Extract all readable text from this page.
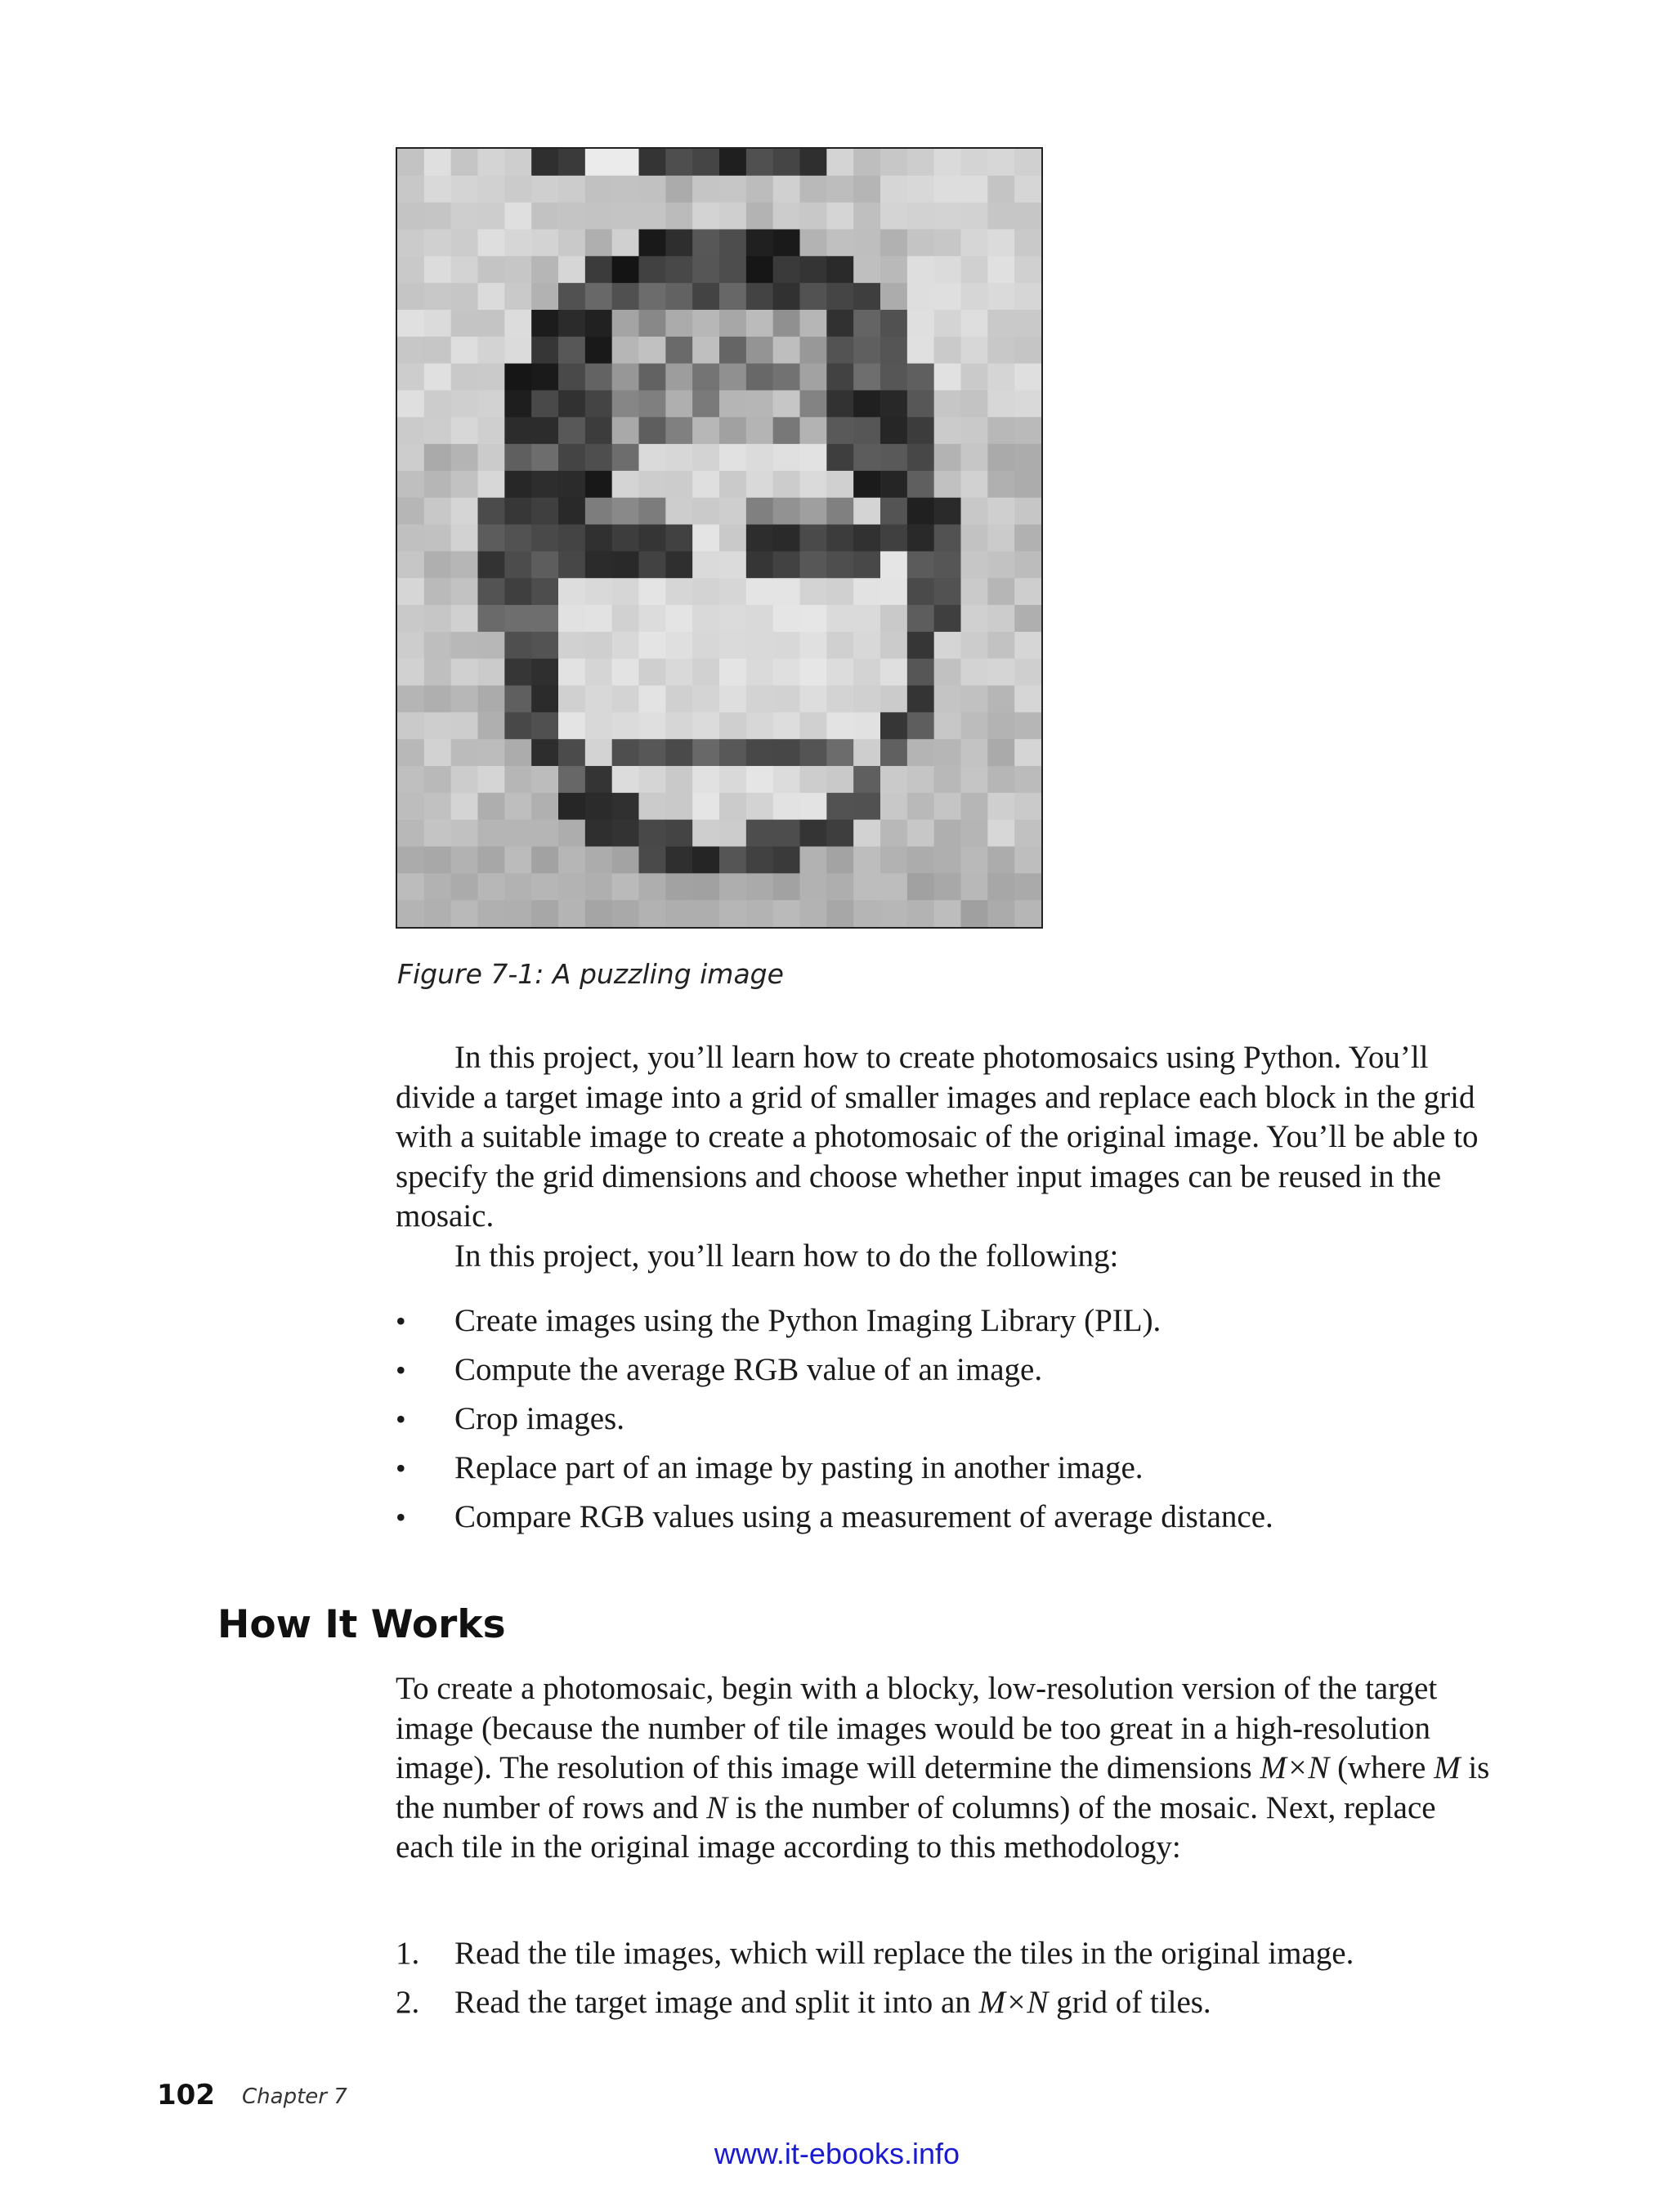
Figure 7-1: A puzzling image

In this project, you’ll learn how to create photomosaics using Python. You’ll divide a target image into a grid of smaller images and replace each block in the grid with a suitable image to create a photomosaic of the original image. You’ll be able to specify the grid dimensions and choose whether input images can be reused in the mosaic.

In this project, you’ll learn how to do the following:

• Create images using the Python Imaging Library (PIL).
• Compute the average RGB value of an image.
• Crop images.
• Replace part of an image by pasting in another image.
• Compare RGB values using a measurement of average distance.
How It Works

To create a photomosaic, begin with a blocky, low-resolution version of the target image (because the number of tile images would be too great in a high-resolution image). The resolution of this image will determine the dimensions M×N (where M is the number of rows and N is the number of columns) of the mosaic. Next, replace each tile in the original image according to this methodology:

1. Read the tile images, which will replace the tiles in the original image.
2. Read the target image and split it into an M×N grid of tiles.
102 Chapter 7
www.it-ebooks.info
